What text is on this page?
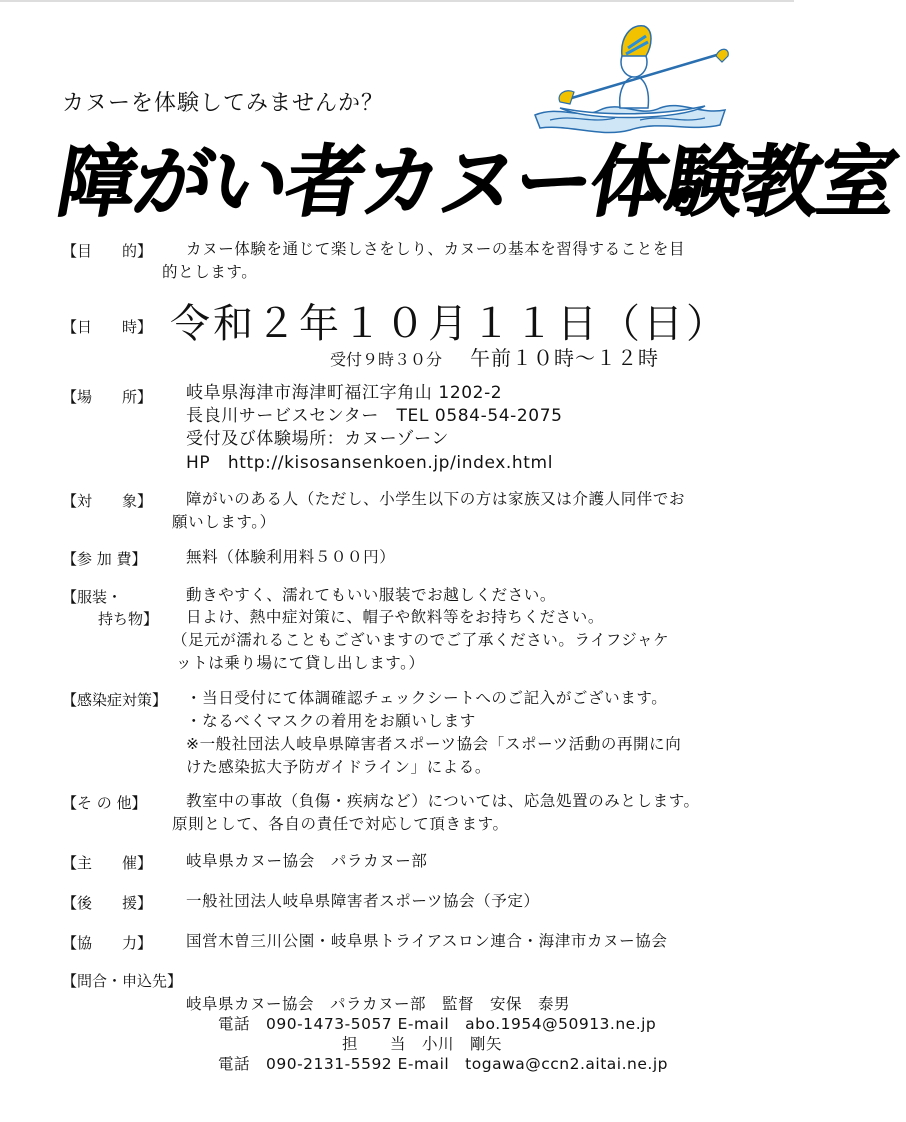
カヌーを体験してみませんか？
障がい者カヌー体験教室
【目　　的】 カヌー体験を通じて楽しさをしり、カヌーの基本を習得することを目
的とします。
【日　　時】 令和２年１０月１１日（日）
受付９時３０分 午前１０時～１２時
【場　　所】 岐阜県海津市海津町福江字角山 1202-2
長良川サービスセンター　TEL 0584-54-2075
受付及び体験場所：カヌーゾーン
HP　http://kisosansenkoen.jp/index.html
【対　　象】 障がいのある人（ただし、小学生以下の方は家族又は介護人同伴でお
願いします。）
【参 加 費】	無料（体験利用料５００円）
【服装・
持ち物】
動きやすく、濡れてもいい服装でお越しください。
日よけ、熱中症対策に、帽子や飲料等をお持ちください。
（足元が濡れることもございますのでご了承ください。ライフジャケ
ットは乗り場にて貸し出します。）
【感染症対策】 ・当日受付にて体調確認チェックシートへのご記入がございます。
・なるべくマスクの着用をお願いします
※一般社団法人岐阜県障害者スポーツ協会「スポーツ活動の再開に向
けた感染拡大予防ガイドライン」による。
【そ の 他】	教室中の事故（負傷・疾病など）については、応急処置のみとします。
原則として、各自の責任で対応して頂きます。
【主　　催】 岐阜県カヌー協会　パラカヌー部
【後　　援】 一般社団法人岐阜県障害者スポーツ協会（予定）
【協　　力】 国営木曽三川公園・岐阜県トライアスロン連合・海津市カヌー協会
【問合・申込先】
岐阜県カヌー協会　パラカヌー部　監督　安保　泰男
電話　090-1473-5057 E-mail　abo.1954@50913.ne.jp
担　　当　小川　剛矢
電話　090-2131-5592 E-mail　togawa@ccn2.aitai.ne.jp
